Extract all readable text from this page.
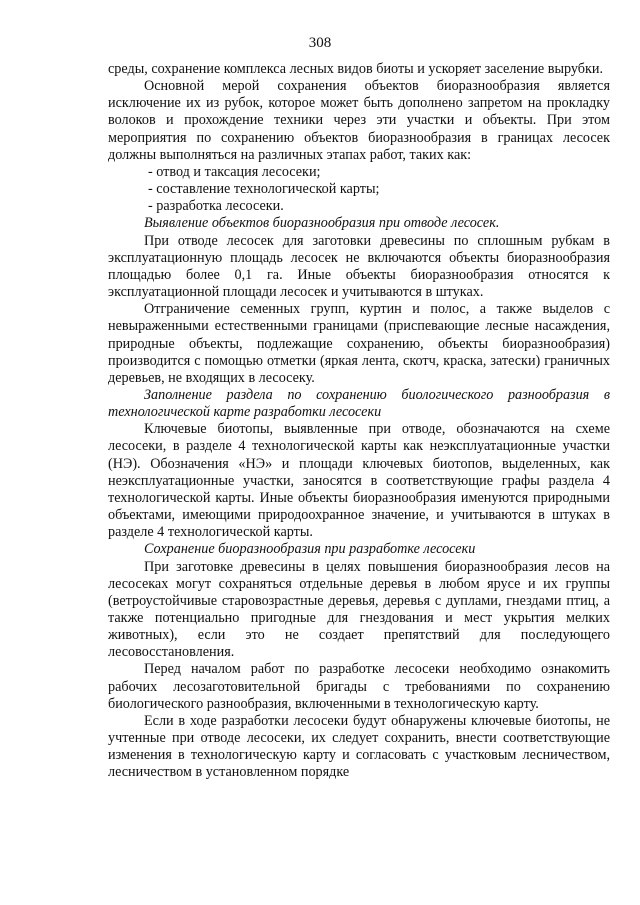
308

среды, сохранение комплекса лесных видов биоты и ускоряет заселение вырубки.

Основной мерой сохранения объектов биоразнообразия является исключение их из рубок, которое может быть дополнено запретом на прокладку волоков и прохождение техники через эти участки и объекты. При этом мероприятия по сохранению объектов биоразнообразия в границах лесосек должны выполняться на различных этапах работ, таких как:

- отвод и таксация лесосеки;

- составление технологической карты;

- разработка лесосеки.

Выявление объектов биоразнообразия при отводе лесосек.

При отводе лесосек для заготовки древесины по сплошным рубкам в эксплуатационную площадь лесосек не включаются объекты биоразнообразия площадью более 0,1 га. Иные объекты биоразнообразия относятся к эксплуатационной площади лесосек и учитываются в штуках.

Отграничение семенных групп, куртин и полос, а также выделов с невыраженными естественными границами (приспевающие лесные насаждения, природные объекты, подлежащие сохранению, объекты биоразнообразия) производится с помощью отметки (яркая лента, скотч, краска, затески) граничных деревьев, не входящих в лесосеку.

Заполнение раздела по сохранению биологического разнообразия в технологической карте разработки лесосеки

Ключевые биотопы, выявленные при отводе, обозначаются на схеме лесосеки, в разделе 4 технологической карты как неэксплуатационные участки (НЭ). Обозначения «НЭ» и площади ключевых биотопов, выделенных, как неэксплуатационные участки, заносятся в соответствующие графы раздела 4 технологической карты. Иные объекты биоразнообразия именуются природными объектами, имеющими природоохранное значение, и учитываются в штуках в разделе 4 технологической карты.

Сохранение биоразнообразия при разработке лесосеки

При заготовке древесины в целях повышения биоразнообразия лесов на лесосеках могут сохраняться отдельные деревья в любом ярусе и их группы (ветроустойчивые старовозрастные деревья, деревья с дуплами, гнездами птиц, а также потенциально пригодные для гнездования и мест укрытия мелких животных), если это не создает препятствий для последующего лесовосстановления.

Перед началом работ по разработке лесосеки необходимо ознакомить рабочих лесозаготовительной бригады с требованиями по сохранению биологического разнообразия, включенными в технологическую карту.

Если в ходе разработки лесосеки будут обнаружены ключевые биотопы, не учтенные при отводе лесосеки, их следует сохранить, внести соответствующие изменения в технологическую карту и согласовать с участковым лесничеством, лесничеством в установленном порядке
